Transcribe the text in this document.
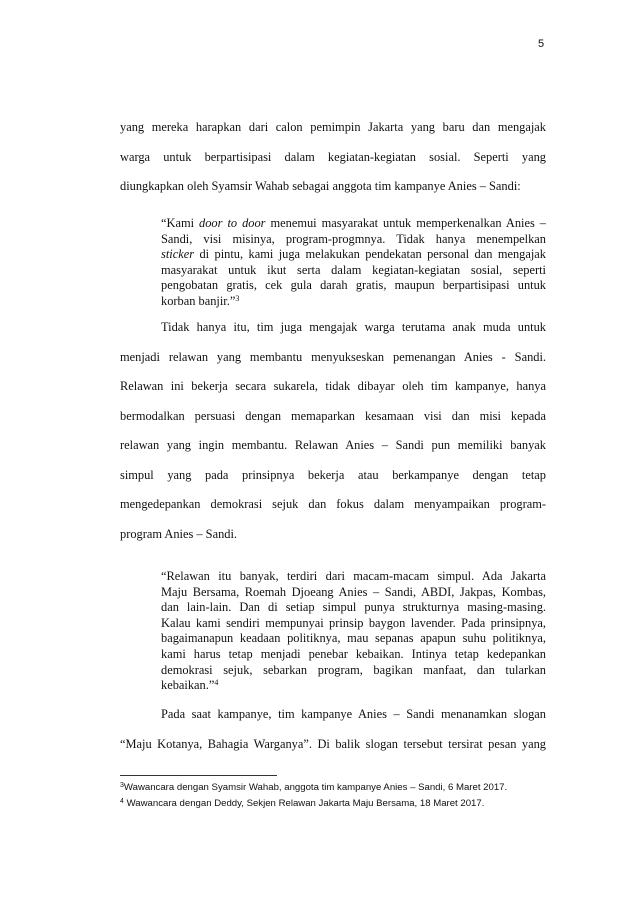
5
yang mereka harapkan dari calon pemimpin Jakarta yang baru dan mengajak
warga untuk berpartisipasi dalam kegiatan-kegiatan sosial. Seperti yang
diungkapkan oleh Syamsir Wahab sebagai anggota tim kampanye Anies – Sandi:
“Kami door to door menemui masyarakat untuk memperkenalkan Anies –
Sandi, visi misinya, program-progmnya. Tidak hanya menempelkan
sticker di pintu, kami juga melakukan pendekatan personal dan mengajak
masyarakat untuk ikut serta dalam kegiatan-kegiatan sosial, seperti
pengobatan gratis, cek gula darah gratis, maupun berpartisipasi untuk
korban banjir.”$^3$
Tidak hanya itu, tim juga mengajak warga terutama anak muda untuk
menjadi relawan yang membantu menyukseskan pemenangan Anies - Sandi.
Relawan ini bekerja secara sukarela, tidak dibayar oleh tim kampanye, hanya
bermodalkan persuasi dengan memaparkan kesamaan visi dan misi kepada
relawan yang ingin membantu. Relawan Anies – Sandi pun memiliki banyak
simpul yang pada prinsipnya bekerja atau berkampanye dengan tetap
mengedepankan demokrasi sejuk dan fokus dalam menyampaikan program-
program Anies – Sandi.
“Relawan itu banyak, terdiri dari macam-macam simpul. Ada Jakarta
Maju Bersama, Roemah Djoeang Anies – Sandi, ABDI, Jakpas, Kombas,
dan lain-lain. Dan di setiap simpul punya strukturnya masing-masing.
Kalau kami sendiri mempunyai prinsip baygon lavender. Pada prinsipnya,
bagaimanapun keadaan politiknya, mau sepanas apapun suhu politiknya,
kami harus tetap menjadi penebar kebaikan. Intinya tetap kedepankan
demokrasi sejuk, sebarkan program, bagikan manfaat, dan tularkan
kebaikan.”$^4$
Pada saat kampanye, tim kampanye Anies – Sandi menanamkan slogan
“Maju Kotanya, Bahagia Warganya”. Di balik slogan tersebut tersirat pesan yang
$^3$Wawancara dengan Syamsir Wahab, anggota tim kampanye Anies – Sandi, 6 Maret 2017.
$^4$ Wawancara dengan Deddy, Sekjen Relawan Jakarta Maju Bersama, 18 Maret 2017.
